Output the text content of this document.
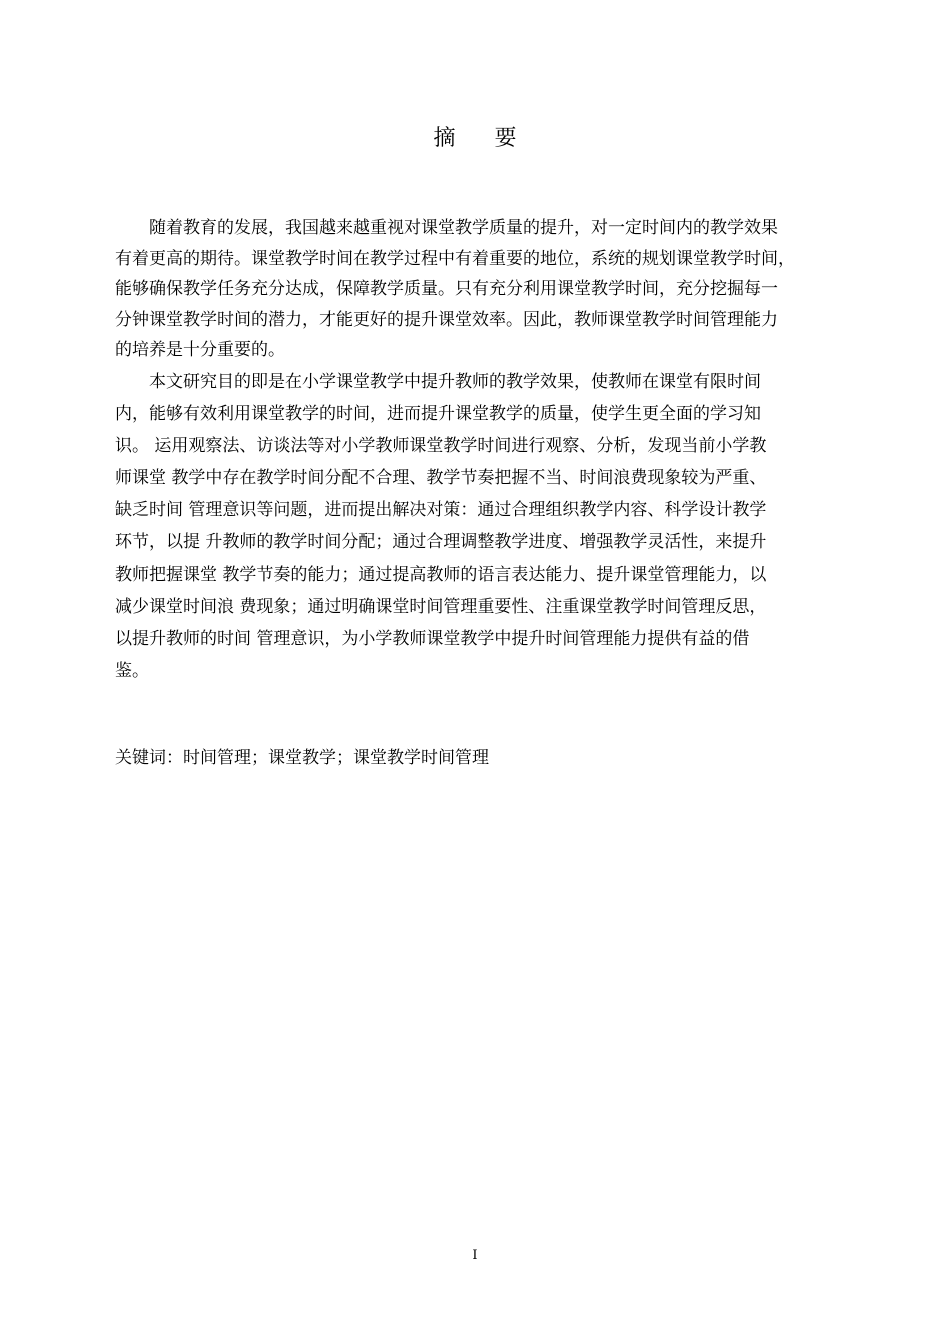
摘 要
随着教育的发展，我国越来越重视对课堂教学质量的提升，对一定时间内的教学效果
有着更高的期待。课堂教学时间在教学过程中有着重要的地位，系统的规划课堂教学时间，
能够确保教学任务充分达成，保障教学质量。只有充分利用课堂教学时间，充分挖掘每一
分钟课堂教学时间的潜力，才能更好的提升课堂效率。因此，教师课堂教学时间管理能力
的培养是十分重要的。
本文研究目的即是在小学课堂教学中提升教师的教学效果，使教师在课堂有限时间
内，能够有效利用课堂教学的时间，进而提升课堂教学的质量，使学生更全面的学习知
识。 运用观察法、访谈法等对小学教师课堂教学时间进行观察、分析，发现当前小学教
师课堂 教学中存在教学时间分配不合理、教学节奏把握不当、时间浪费现象较为严重、
缺乏时间 管理意识等问题，进而提出解决对策：通过合理组织教学内容、科学设计教学
环节，以提 升教师的教学时间分配；通过合理调整教学进度、增强教学灵活性，来提升
教师把握课堂 教学节奏的能力；通过提高教师的语言表达能力、提升课堂管理能力，以
减少课堂时间浪 费现象；通过明确课堂时间管理重要性、注重课堂教学时间管理反思，
以提升教师的时间 管理意识，为小学教师课堂教学中提升时间管理能力提供有益的借
鉴。
关键词：时间管理；课堂教学；课堂教学时间管理
I
